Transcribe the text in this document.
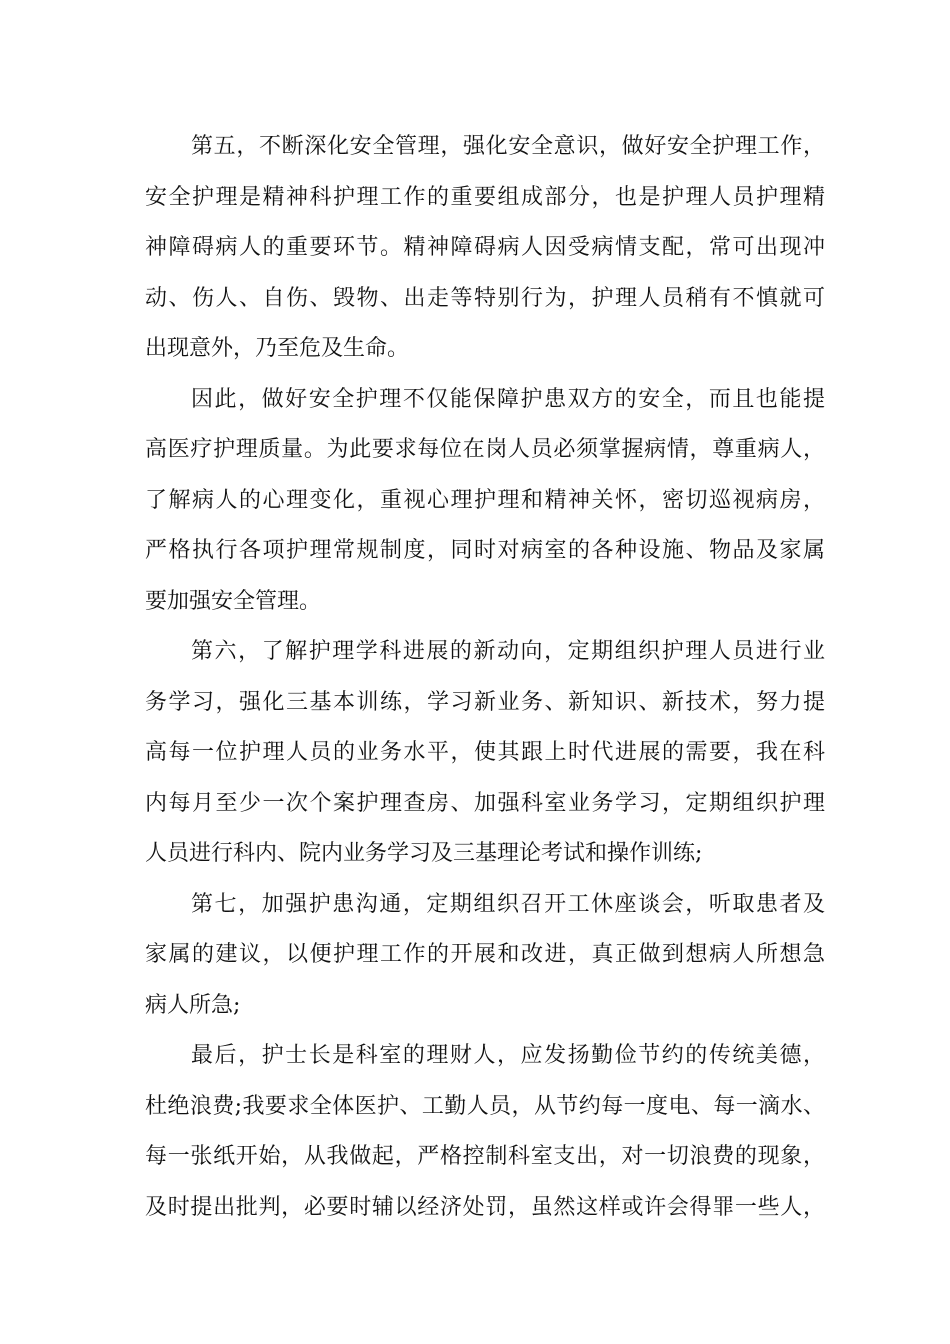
第五，不断深化安全管理，强化安全意识，做好安全护理工作，
安全护理是精神科护理工作的重要组成部分，也是护理人员护理精
神障碍病人的重要环节。精神障碍病人因受病情支配，常可出现冲
动、伤人、自伤、毁物、出走等特别行为，护理人员稍有不慎就可
出现意外，乃至危及生命。

因此，做好安全护理不仅能保障护患双方的安全，而且也能提
高医疗护理质量。为此要求每位在岗人员必须掌握病情，尊重病人，
了解病人的心理变化，重视心理护理和精神关怀，密切巡视病房，
严格执行各项护理常规制度，同时对病室的各种设施、物品及家属
要加强安全管理。

第六，了解护理学科进展的新动向，定期组织护理人员进行业
务学习，强化三基本训练，学习新业务、新知识、新技术，努力提
高每一位护理人员的业务水平，使其跟上时代进展的需要，我在科
内每月至少一次个案护理查房、加强科室业务学习，定期组织护理
人员进行科内、院内业务学习及三基理论考试和操作训练;

第七，加强护患沟通，定期组织召开工休座谈会，听取患者及
家属的建议，以便护理工作的开展和改进，真正做到想病人所想急
病人所急;

最后，护士长是科室的理财人，应发扬勤俭节约的传统美德，
杜绝浪费;我要求全体医护、工勤人员，从节约每一度电、每一滴水、
每一张纸开始，从我做起，严格控制科室支出，对一切浪费的现象，
及时提出批判，必要时辅以经济处罚，虽然这样或许会得罪一些人，
